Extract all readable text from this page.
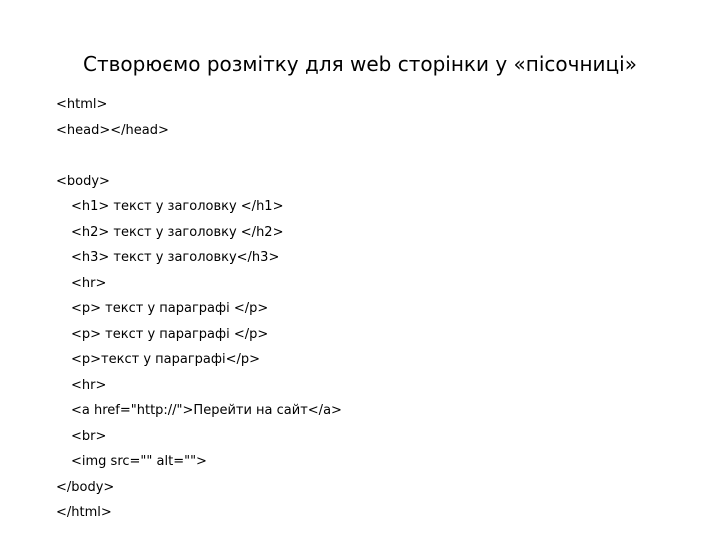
Створюємо розмітку для web сторінки у «пісочниці»
<html>
<head></head>
<body>
<h1> текст у заголовку </h1>
<h2> текст у заголовку </h2>
<h3> текст у заголовку</h3>
<hr>
<p> текст у параграфі </p>
<p> текст у параграфі </p>
<p>текст у параграфі</p>
<hr>
<a href="http://">Перейти на сайт</a>
<br>
<img src="" alt="">
</body>
</html>
